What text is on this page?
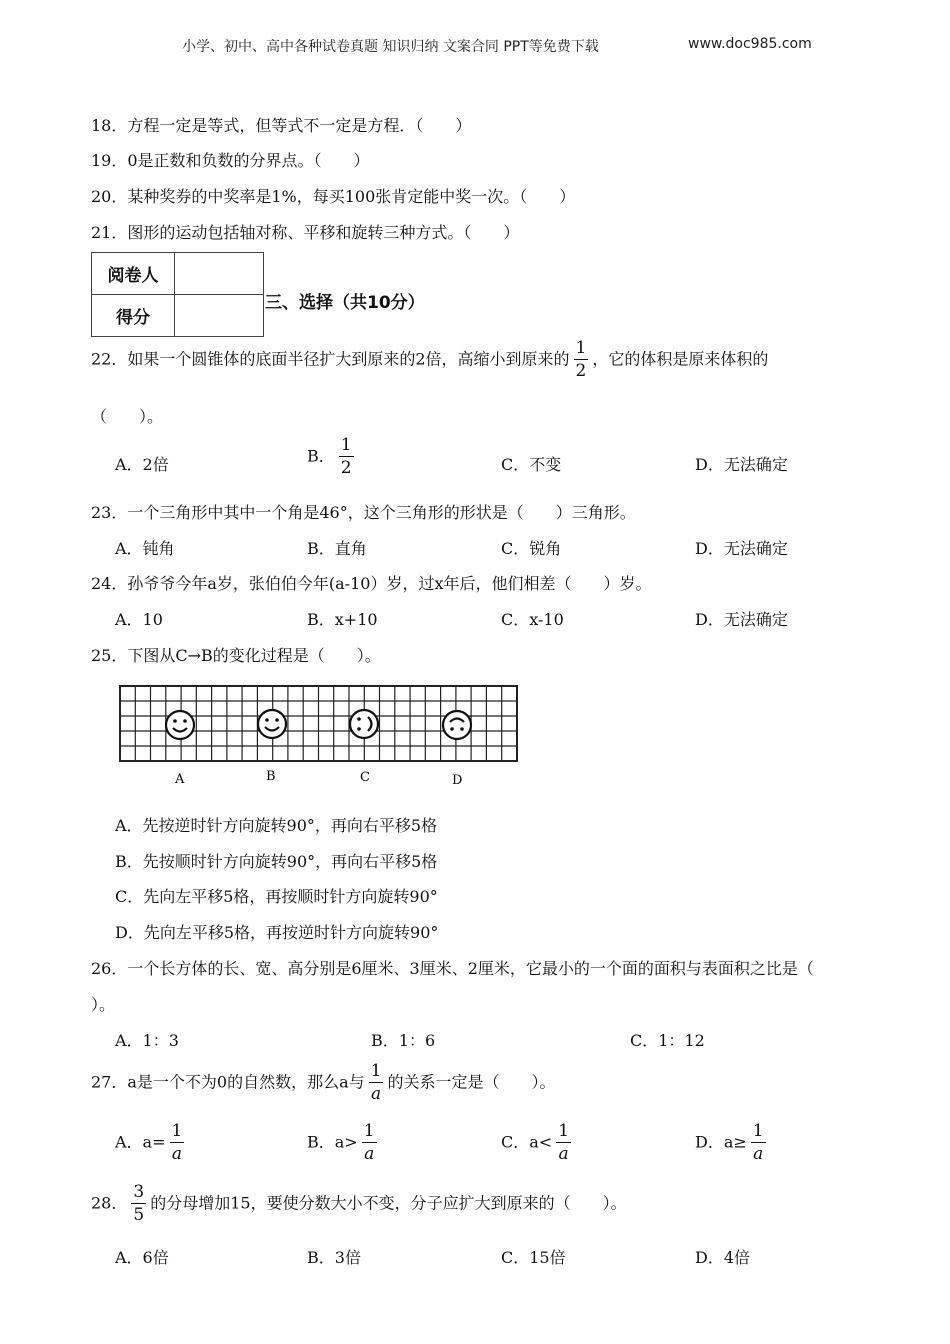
小学、初中、高中各种试卷真题 知识归纳 文案合同 PPT等免费下载	www.doc985.com
18．方程一定是等式，但等式不一定是方程．（　　）
19．0是正数和负数的分界点。（　　）
20．某种奖券的中奖率是1%，每买100张肯定能中奖一次。（　　）
21．图形的运动包括轴对称、平移和旋转三种方式。（　　）
阅卷人	
得分	
三、选择（共10分）
22．如果一个圆锥体的底面半径扩大到原来的2倍，高缩小到原来的 $\frac{1}{2}$ ，它的体积是原来体积的
（　　）。
A．2倍	B． $\frac{1}{2}$	C．不变	D．无法确定
23．一个三角形中其中一个角是46°，这个三角形的形状是（　　）三角形。
A．钝角	B．直角	C．锐角	D．无法确定
24．孙爷爷今年a岁，张伯伯今年(a-10）岁，过x年后，他们相差（　　）岁。
A．10	B．x+10	C．x-10	D．无法确定
25．下图从C→B的变化过程是（　　）。
A	B	C	D
A．先按逆时针方向旋转90°，再向右平移5格
B．先按顺时针方向旋转90°，再向右平移5格
C．先向左平移5格，再按顺时针方向旋转90°
D．先向左平移5格，再按逆时针方向旋转90°
26．一个长方体的长、宽、高分别是6厘米、3厘米、2厘米，它最小的一个面的面积与表面积之比是（
）。
A．1：3	B．1：6	C．1：12
27．a是一个不为0的自然数，那么a与 $\frac{1}{a}$ 的关系一定是（　　）。
A．$a= \frac{1}{a}$	B．$a> \frac{1}{a}$	C．$a< \frac{1}{a}$	D．$a\ge \frac{1}{a}$
28． $\frac{3}{5}$ 的分母增加15，要使分数大小不变，分子应扩大到原来的（　　）。
A．6倍	B．3倍	C．15倍	D．4倍
